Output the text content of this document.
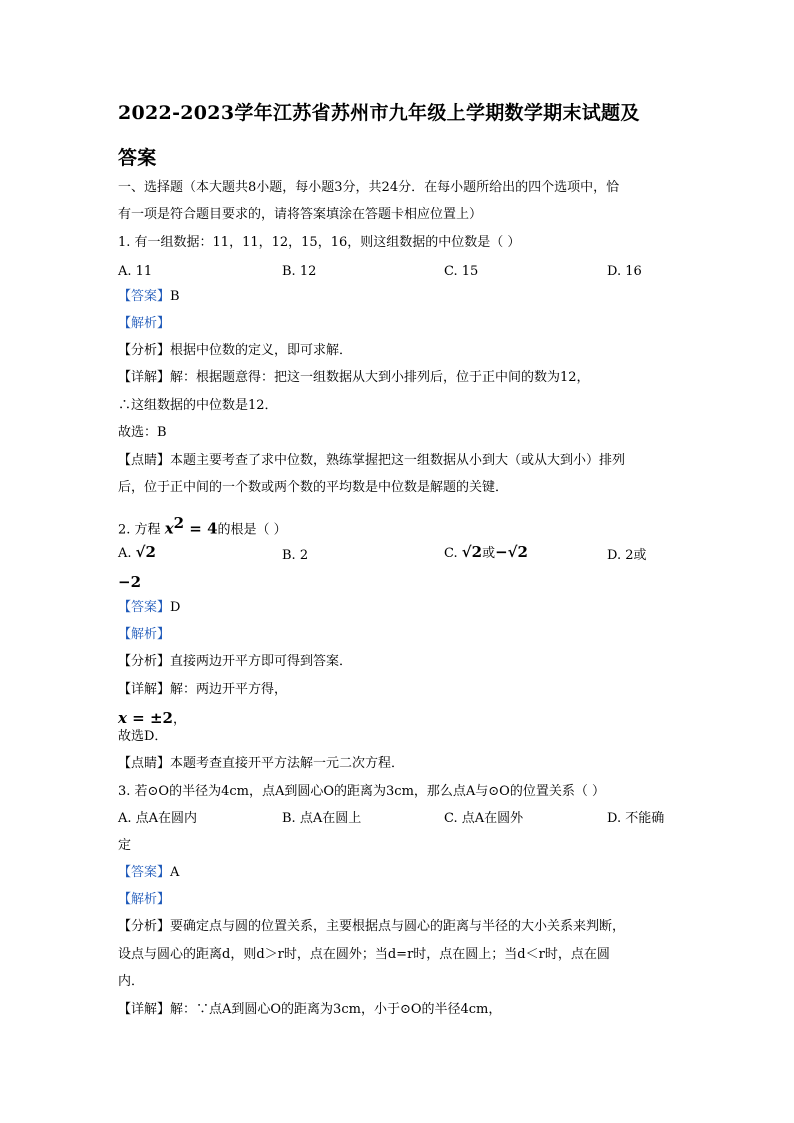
2022-2023学年江苏省苏州市九年级上学期数学期末试题及
答案
一、选择题（本大题共8小题，每小题3分，共24分．在每小题所给出的四个选项中，恰
有一项是符合题目要求的，请将答案填涂在答题卡相应位置上）
1. 有一组数据：11，11，12，15，16，则这组数据的中位数是（ ）
A. 11	B. 12	C. 15	D. 16
【答案】B
【解析】
【分析】根据中位数的定义，即可求解．
【详解】解：根据题意得：把这一组数据从大到小排列后，位于正中间的数为12，
∴这组数据的中位数是12．
故选：B
【点睛】本题主要考查了求中位数，熟练掌握把这一组数据从小到大（或从大到小）排列
后，位于正中间的一个数或两个数的平均数是中位数是解题的关键．
2. 方程 $x^2 = 4$的根是（ ）
A. √2	B. 2	C. √2或−√2	D. 2或
−2
【答案】D
【解析】
【分析】直接两边开平方即可得到答案．
【详解】解：两边开平方得，
x = ±2，
故选D．
【点睛】本题考查直接开平方法解一元二次方程．
3. 若⊙O的半径为4cm，点A到圆心O的距离为3cm，那么点A与⊙O的位置关系（ ）
A. 点A在圆内	B. 点A在圆上	C. 点A在圆外	D. 不能确
定
【答案】A
【解析】
【分析】要确定点与圆的位置关系，主要根据点与圆心的距离与半径的大小关系来判断，
设点与圆心的距离d，则d＞r时，点在圆外；当d=r时，点在圆上；当d＜r时，点在圆
内．
【详解】解：∵点A到圆心O的距离为3cm，小于⊙O的半径4cm，
